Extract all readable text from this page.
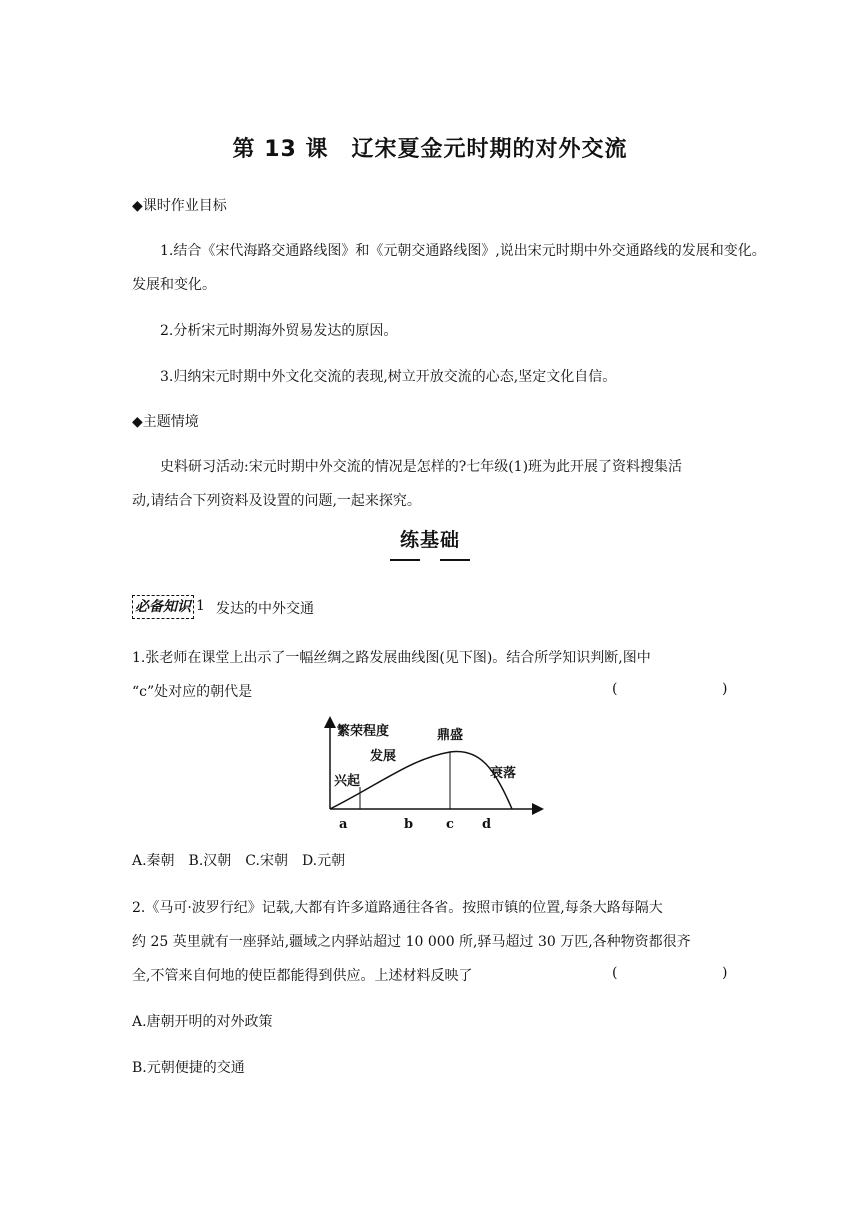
第 13 课　辽宋夏金元时期的对外交流
◆课时作业目标
1.结合《宋代海路交通路线图》和《元朝交通路线图》,说出宋元时期中外交通路线的发展和变化。
发展和变化。
2.分析宋元时期海外贸易发达的原因。
3.归纳宋元时期中外文化交流的表现,树立开放交流的心态,坚定文化自信。
◆主题情境
史料研习活动:宋元时期中外交流的情况是怎样的?七年级(1)班为此开展了资料搜集活
动,请结合下列资料及设置的问题,一起来探究。
练基础
必备知识 1 发达的中外交通
1.张老师在课堂上出示了一幅丝绸之路发展曲线图(见下图)。结合所学知识判断,图中
“c”处对应的朝代是	(	)
繁荣程度
兴起
发展
鼎盛
衰落
a	b	c d
A.秦朝　B.汉朝　C.宋朝　D.元朝
2.《马可·波罗行纪》记载,大都有许多道路通往各省。按照市镇的位置,每条大路每隔大
约 25 英里就有一座驿站,疆域之内驿站超过 10 000 所,驿马超过 30 万匹,各种物资都很齐
全,不管来自何地的使臣都能得到供应。上述材料反映了	(	)
A.唐朝开明的对外政策
B.元朝便捷的交通
